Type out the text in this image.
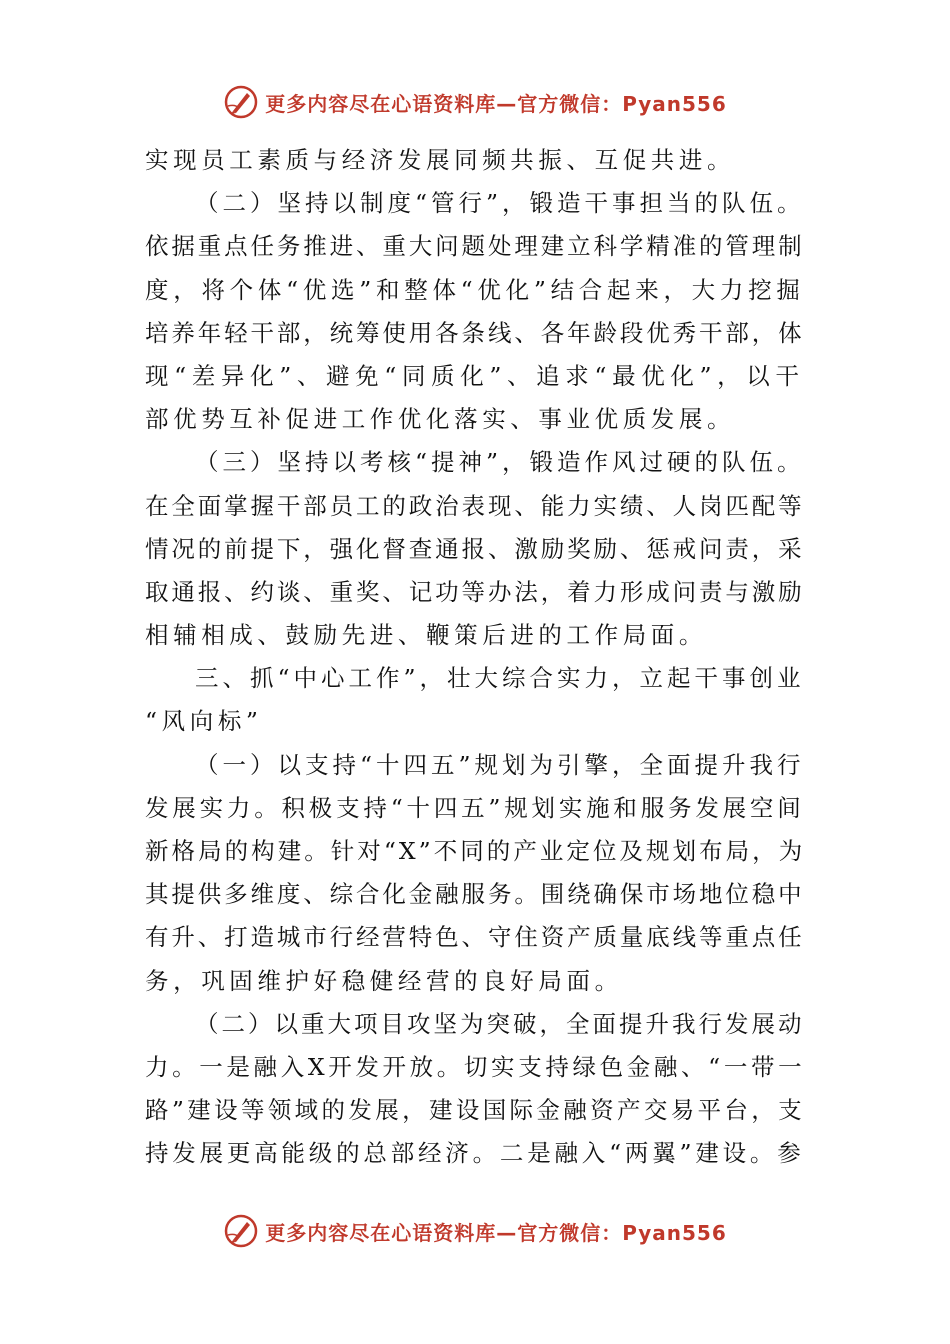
更多内容尽在心语资料库—官方微信：Pyan556
实现员工素质与经济发展同频共振、互促共进。
（二）坚持以制度“管行”，锻造干事担当的队伍。
依据重点任务推进、重大问题处理建立科学精准的管理制
度，将个体“优选”和整体“优化”结合起来，大力挖掘
培养年轻干部，统筹使用各条线、各年龄段优秀干部，体
现“差异化”、避免“同质化”、追求“最优化”，以干
部优势互补促进工作优化落实、事业优质发展。
（三）坚持以考核“提神”，锻造作风过硬的队伍。
在全面掌握干部员工的政治表现、能力实绩、人岗匹配等
情况的前提下，强化督查通报、激励奖励、惩戒问责，采
取通报、约谈、重奖、记功等办法，着力形成问责与激励
相辅相成、鼓励先进、鞭策后进的工作局面。
三、抓“中心工作”，壮大综合实力，立起干事创业
“风向标”
（一）以支持“十四五”规划为引擎，全面提升我行
发展实力。积极支持“十四五”规划实施和服务发展空间
新格局的构建。针对“X”不同的产业定位及规划布局，为
其提供多维度、综合化金融服务。围绕确保市场地位稳中
有升、打造城市行经营特色、守住资产质量底线等重点任
务，巩固维护好稳健经营的良好局面。
（二）以重大项目攻坚为突破，全面提升我行发展动
力。一是融入X开发开放。切实支持绿色金融、“一带一
路”建设等领域的发展，建设国际金融资产交易平台，支
持发展更高能级的总部经济。二是融入“两翼”建设。参
更多内容尽在心语资料库—官方微信：Pyan556
